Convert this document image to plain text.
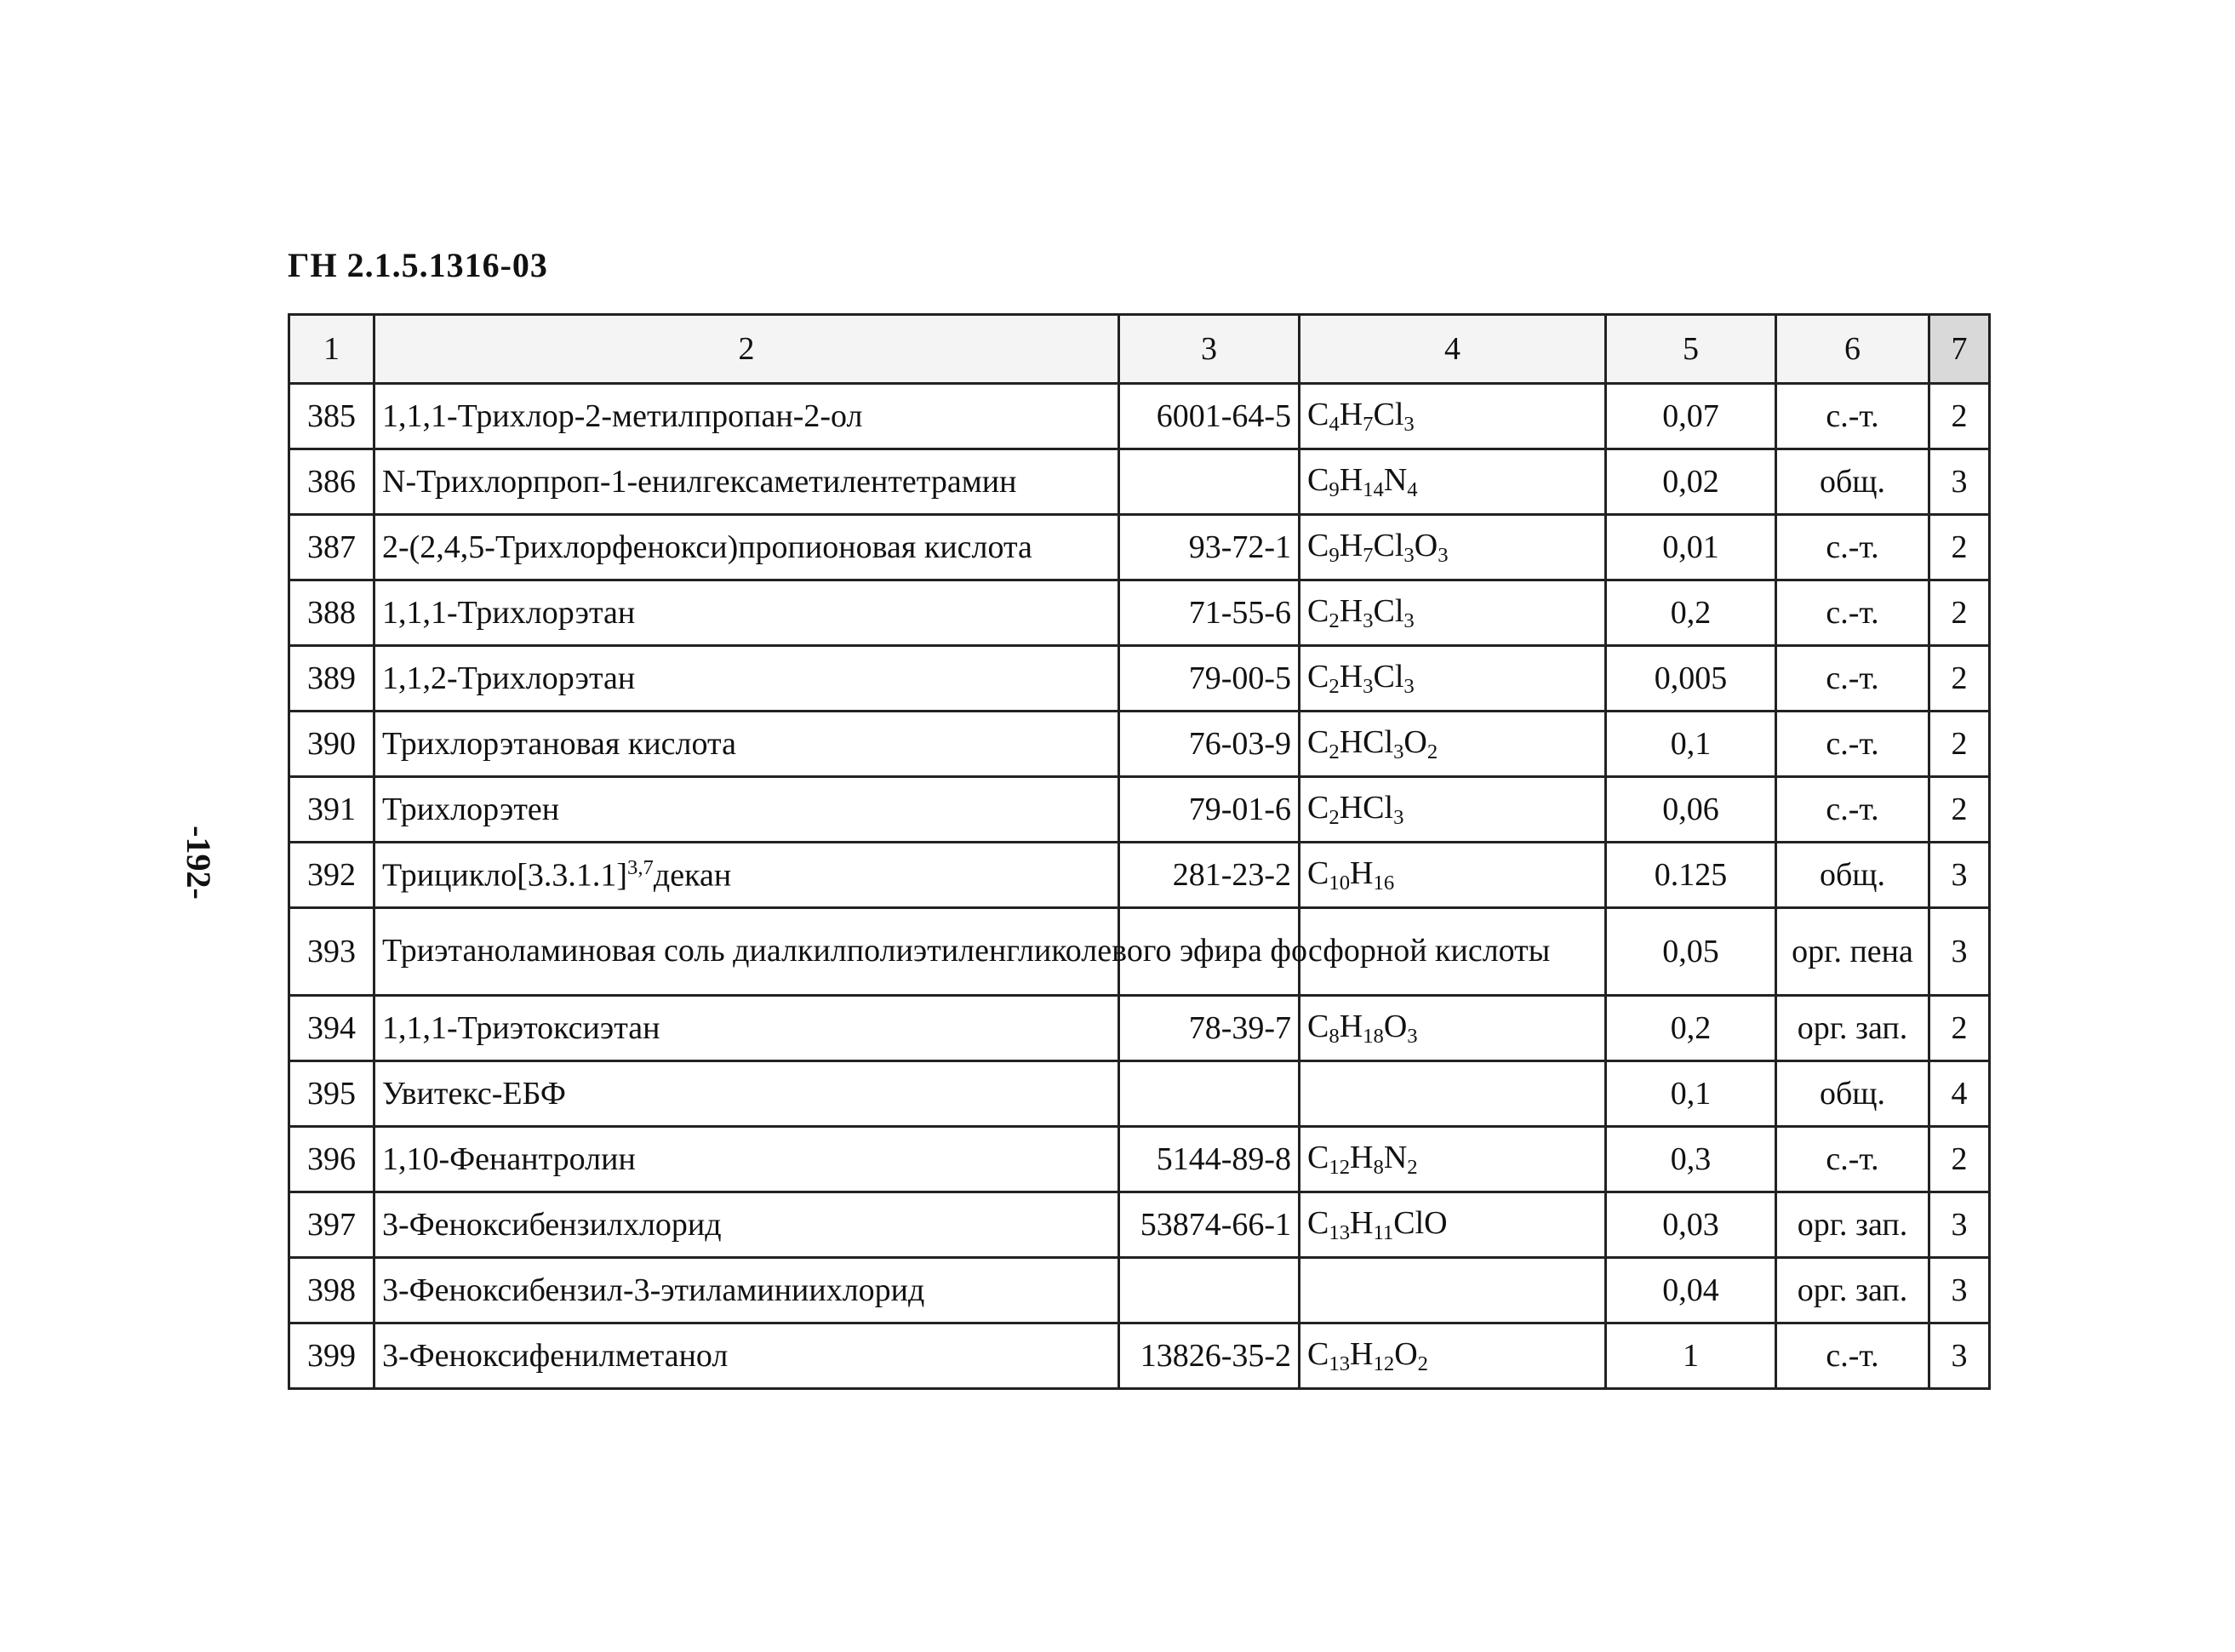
ГН 2.1.5.1316-03
-192-
1	2	3	4	5	6	7
385	1,1,1-Трихлор-2-метилпропан-2-ол	6001-64-5	$C_4H_7Cl_3$	0,07	с.-т.	2
386	N-Трихлорпроп-1-енилгексаметилентетрамин		$C_9H_{14}N_4$	0,02	общ.	3
387	2-(2,4,5-Трихлорфенокси)пропионовая кислота	93-72-1	$C_9H_7Cl_3O_3$	0,01	с.-т.	2
388	1,1,1-Трихлорэтан	71-55-6	$C_2H_3Cl_3$	0,2	с.-т.	2
389	1,1,2-Трихлорэтан	79-00-5	$C_2H_3Cl_3$	0,005	с.-т.	2
390	Трихлорэтановая кислота	76-03-9	$C_2HCl_3O_2$	0,1	с.-т.	2
391	Трихлорэтен	79-01-6	$C_2HCl_3$	0,06	с.-т.	2
392	$Трицикло[3.3.1.1]^{3,7}декан$	281-23-2	$C_{10}H_{16}$	0.125	общ.	3
393	Триэтаноламиновая соль диалкилполиэтиленгликолевого эфира фосфорной кислоты			0,05	орг. пена	3
394	1,1,1-Триэтоксиэтан	78-39-7	$C_8H_{18}O_3$	0,2	орг. зап.	2
395	Увитекс-ЕБФ			0,1	общ.	4
396	1,10-Фенантролин	5144-89-8	$C_{12}H_8N_2$	0,3	с.-т.	2
397	3-Феноксибензилхлорид	53874-66-1	$C_{13}H_{11}ClO$	0,03	орг. зап.	3
398	3-Феноксибензил-3-этиламиниихлорид			0,04	орг. зап.	3
399	3-Феноксифенилметанол	13826-35-2	$C_{13}H_{12}O_2$	1	с.-т.	3
